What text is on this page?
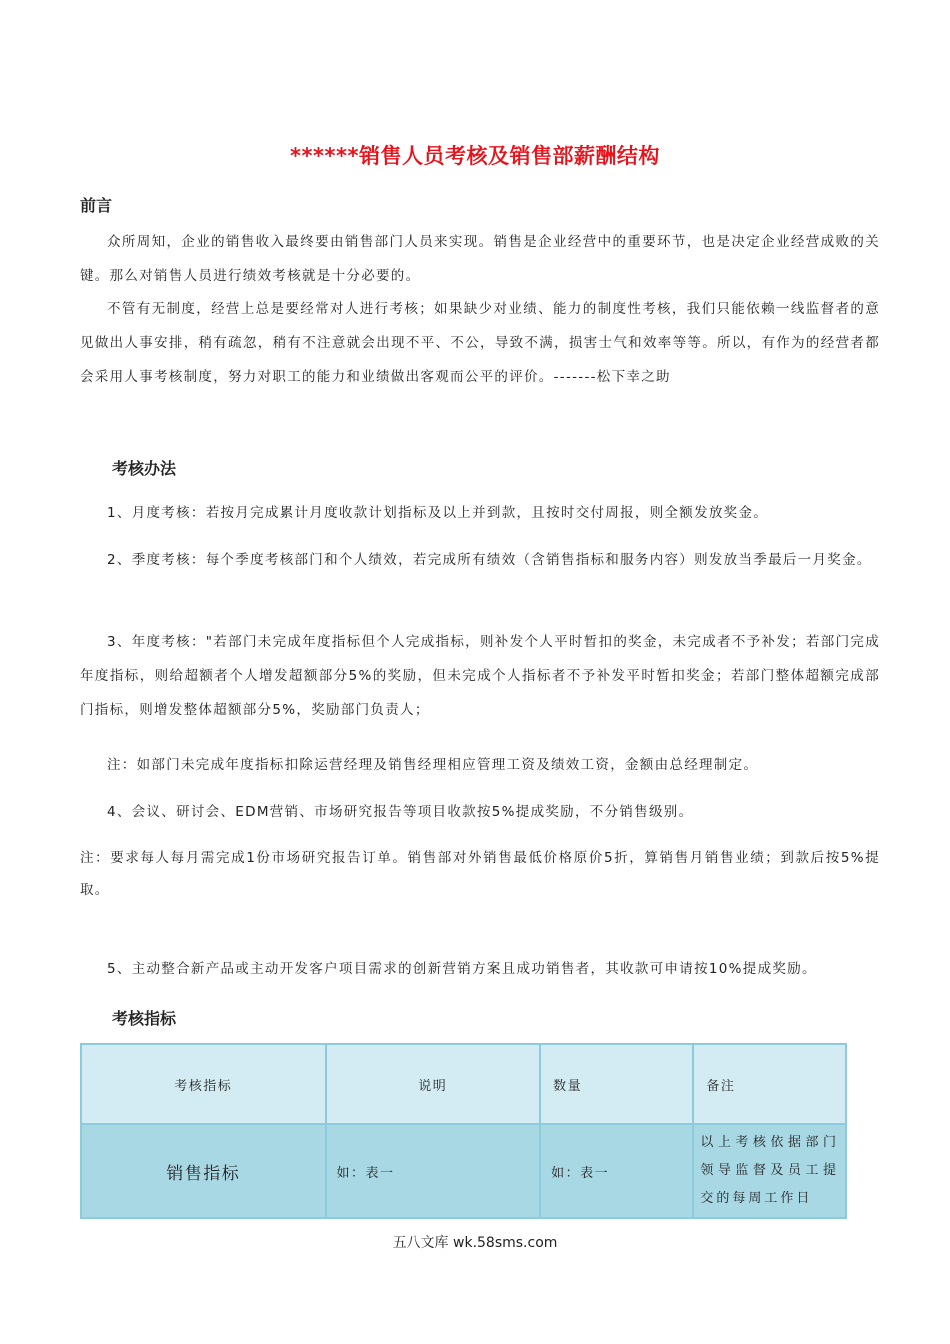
******销售人员考核及销售部薪酬结构
前言
众所周知，企业的销售收入最终要由销售部门人员来实现。销售是企业经营中的重要环节，也是决定企业经营成败的关键。那么对销售人员进行绩效考核就是十分必要的。
不管有无制度，经营上总是要经常对人进行考核；如果缺少对业绩、能力的制度性考核，我们只能依赖一线监督者的意见做出人事安排，稍有疏忽，稍有不注意就会出现不平、不公，导致不满，损害士气和效率等等。所以，有作为的经营者都会采用人事考核制度，努力对职工的能力和业绩做出客观而公平的评价。-------松下幸之助
考核办法
1、月度考核：若按月完成累计月度收款计划指标及以上并到款，且按时交付周报，则全额发放奖金。
2、季度考核：每个季度考核部门和个人绩效，若完成所有绩效（含销售指标和服务内容）则发放当季最后一月奖金。
3、年度考核："若部门未完成年度指标但个人完成指标，则补发个人平时暂扣的奖金，未完成者不予补发；若部门完成年度指标，则给超额者个人增发超额部分5%的奖励，但未完成个人指标者不予补发平时暂扣奖金；若部门整体超额完成部门指标，则增发整体超额部分5%，奖励部门负责人；
注：如部门未完成年度指标扣除运营经理及销售经理相应管理工资及绩效工资，金额由总经理制定。
4、会议、研讨会、EDM营销、市场研究报告等项目收款按5%提成奖励，不分销售级别。
注：要求每人每月需完成1份市场研究报告订单。销售部对外销售最低价格原价5折，算销售月销售业绩；到款后按5%提取。
5、主动整合新产品或主动开发客户项目需求的创新营销方案且成功销售者，其收款可申请按10%提成奖励。
考核指标
考核指标	说明	数量	备注
销售指标	如：表一	如：表一	以上考核依据部门领导监督及员工提交的每周工作日
五八文库 wk.58sms.com
